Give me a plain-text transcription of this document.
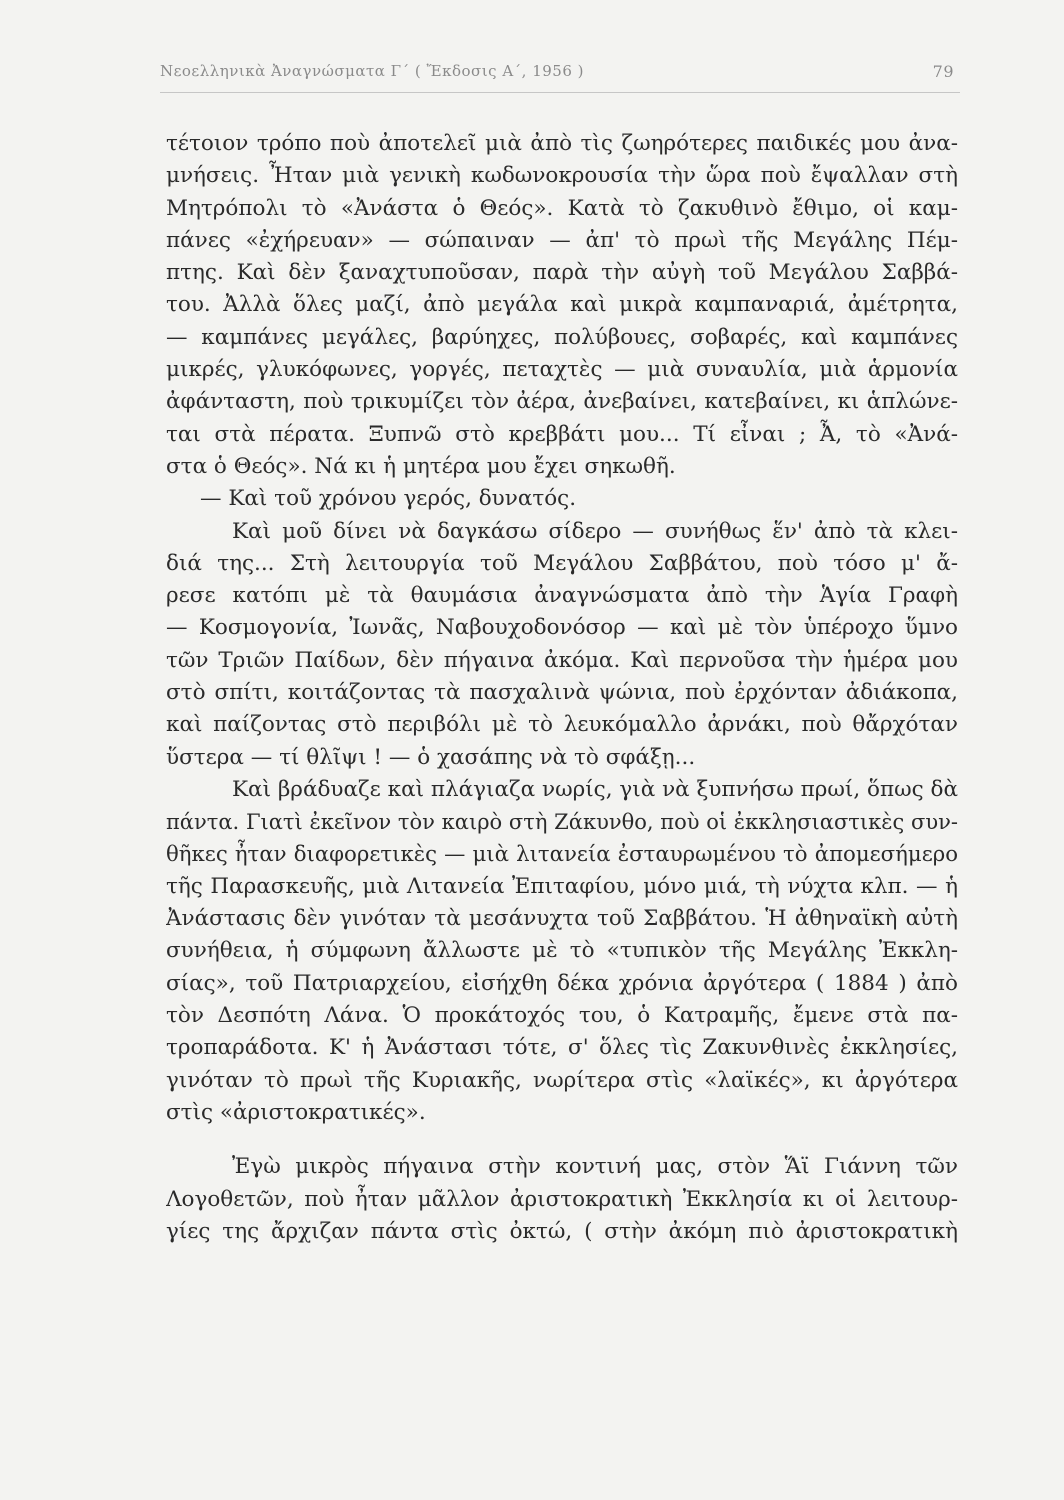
Νεοελληνικὰ Ἀναγνώσματα Γ´ ( Ἔκδοσις Α´, 1956 )	79
τέτοιον τρόπο ποὺ ἀποτελεῖ μιὰ ἀπὸ τὶς ζωηρότερες παιδικές μου ἀνα-
μνήσεις. Ἦταν μιὰ γενικὴ κωδωνοκρουσία τὴν ὥρα ποὺ ἔψαλλαν στὴ
Μητρόπολι τὸ «Ἀνάστα ὁ Θεός». Κατὰ τὸ ζακυθινὸ ἔθιμο, οἱ καμ-
πάνες «ἐχήρευαν» — σώπαιναν — ἀπ' τὸ πρωὶ τῆς Μεγάλης Πέμ-
πτης. Καὶ δὲν ξαναχτυποῦσαν, παρὰ τὴν αὐγὴ τοῦ Μεγάλου Σαββά-
του. Ἀλλὰ ὅλες μαζί, ἀπὸ μεγάλα καὶ μικρὰ καμπαναριά, ἀμέτρητα,
— καμπάνες μεγάλες, βαρύηχες, πολύβουες, σοβαρές, καὶ καμπάνες
μικρές, γλυκόφωνες, γοργές, πεταχτὲς — μιὰ συναυλία, μιὰ ἁρμονία
ἀφάνταστη, ποὺ τρικυμίζει τὸν ἀέρα, ἀνεβαίνει, κατεβαίνει, κι ἁπλώνε-
ται στὰ πέρατα. Ξυπνῶ στὸ κρεββάτι μου... Τί εἶναι ; Ἆ, τὸ «Ἀνά-
στα ὁ Θεός». Νά κι ἡ μητέρα μου ἔχει σηκωθῆ.
— Καὶ τοῦ χρόνου γερός, δυνατός.
Καὶ μοῦ δίνει νὰ δαγκάσω σίδερο — συνήθως ἕν' ἀπὸ τὰ κλει-
διά της... Στὴ λειτουργία τοῦ Μεγάλου Σαββάτου, ποὺ τόσο μ' ἄ-
ρεσε κατόπι μὲ τὰ θαυμάσια ἀναγνώσματα ἀπὸ τὴν Ἁγία Γραφὴ
— Κοσμογονία, Ἰωνᾶς, Ναβουχοδονόσορ — καὶ μὲ τὸν ὑπέροχο ὕμνο
τῶν Τριῶν Παίδων, δὲν πήγαινα ἀκόμα. Καὶ περνοῦσα τὴν ἡμέρα μου
στὸ σπίτι, κοιτάζοντας τὰ πασχαλινὰ ψώνια, ποὺ ἐρχόνταν ἀδιάκοπα,
καὶ παίζοντας στὸ περιβόλι μὲ τὸ λευκόμαλλο ἀρνάκι, ποὺ θἄρχόταν
ὕστερα — τί θλῖψι ! — ὁ χασάπης νὰ τὸ σφάξῃ...
Καὶ βράδυαζε καὶ πλάγιαζα νωρίς, γιὰ νὰ ξυπνήσω πρωί, ὅπως δὰ
πάντα. Γιατὶ ἐκεῖνον τὸν καιρὸ στὴ Ζάκυνθο, ποὺ οἱ ἐκκλησιαστικὲς συν-
θῆκες ἦταν διαφορετικὲς — μιὰ λιτανεία ἐσταυρωμένου τὸ ἀπομεσήμερο
τῆς Παρασκευῆς, μιὰ Λιτανεία Ἐπιταφίου, μόνο μιά, τὴ νύχτα κλπ. — ἡ
Ἀνάστασις δὲν γινόταν τὰ μεσάνυχτα τοῦ Σαββάτου. Ἡ ἀθηναϊκὴ αὐτὴ
συνήθεια, ἡ σύμφωνη ἄλλωστε μὲ τὸ «τυπικὸν τῆς Μεγάλης Ἐκκλη-
σίας», τοῦ Πατριαρχείου, εἰσήχθη δέκα χρόνια ἀργότερα ( 1884 ) ἀπὸ
τὸν Δεσπότη Λάνα. Ὁ προκάτοχός του, ὁ Κατραμῆς, ἔμενε στὰ πα-
τροπαράδοτα. Κ' ἡ Ἀνάστασι τότε, σ' ὅλες τὶς Ζακυνθινὲς ἐκκλησίες,
γινόταν τὸ πρωὶ τῆς Κυριακῆς, νωρίτερα στὶς «λαϊκές», κι ἀργότερα
στὶς «ἀριστοκρατικές».
Ἐγὼ μικρὸς πήγαινα στὴν κοντινή μας, στὸν Ἅϊ Γιάννη τῶν
Λογοθετῶν, ποὺ ἦταν μᾶλλον ἀριστοκρατικὴ Ἐκκλησία κι οἱ λειτουρ-
γίες της ἄρχιζαν πάντα στὶς ὀκτώ, ( στὴν ἀκόμη πιὸ ἀριστοκρατικὴ
